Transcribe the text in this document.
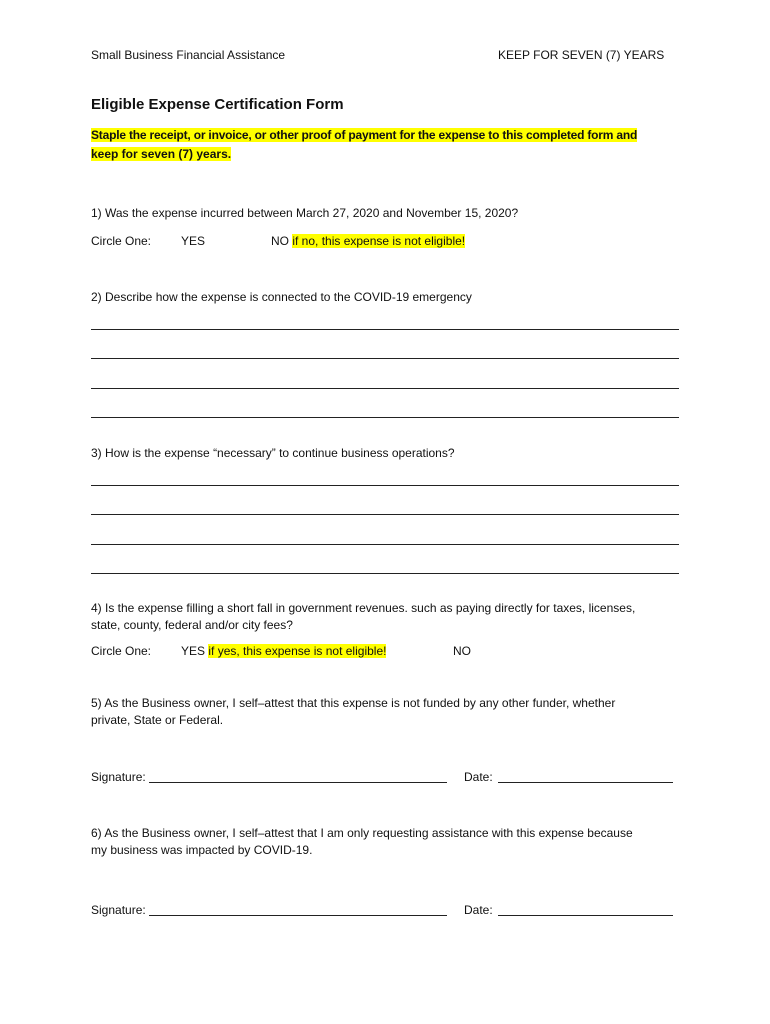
Small Business Financial Assistance	KEEP FOR SEVEN (7) YEARS
Eligible Expense Certification Form
Staple the receipt, or invoice, or other proof of payment for the expense to this completed form and
keep for seven (7) years.
1) Was the expense incurred between March 27, 2020 and November 15, 2020?
Circle One: YES	NO if no, this expense is not eligible!
2) Describe how the expense is connected to the COVID-19 emergency
3) How is the expense “necessary” to continue business operations?
4) Is the expense filling a short fall in government revenues. such as paying directly for taxes, licenses,
state, county, federal and/or city fees?
Circle One: YES if yes, this expense is not eligible!	NO
5) As the Business owner, I self–attest that this expense is not funded by any other funder, whether
private, State or Federal.
Signature:	Date:
6) As the Business owner, I self–attest that I am only requesting assistance with this expense because
my business was impacted by COVID-19.
Signature:	Date:
